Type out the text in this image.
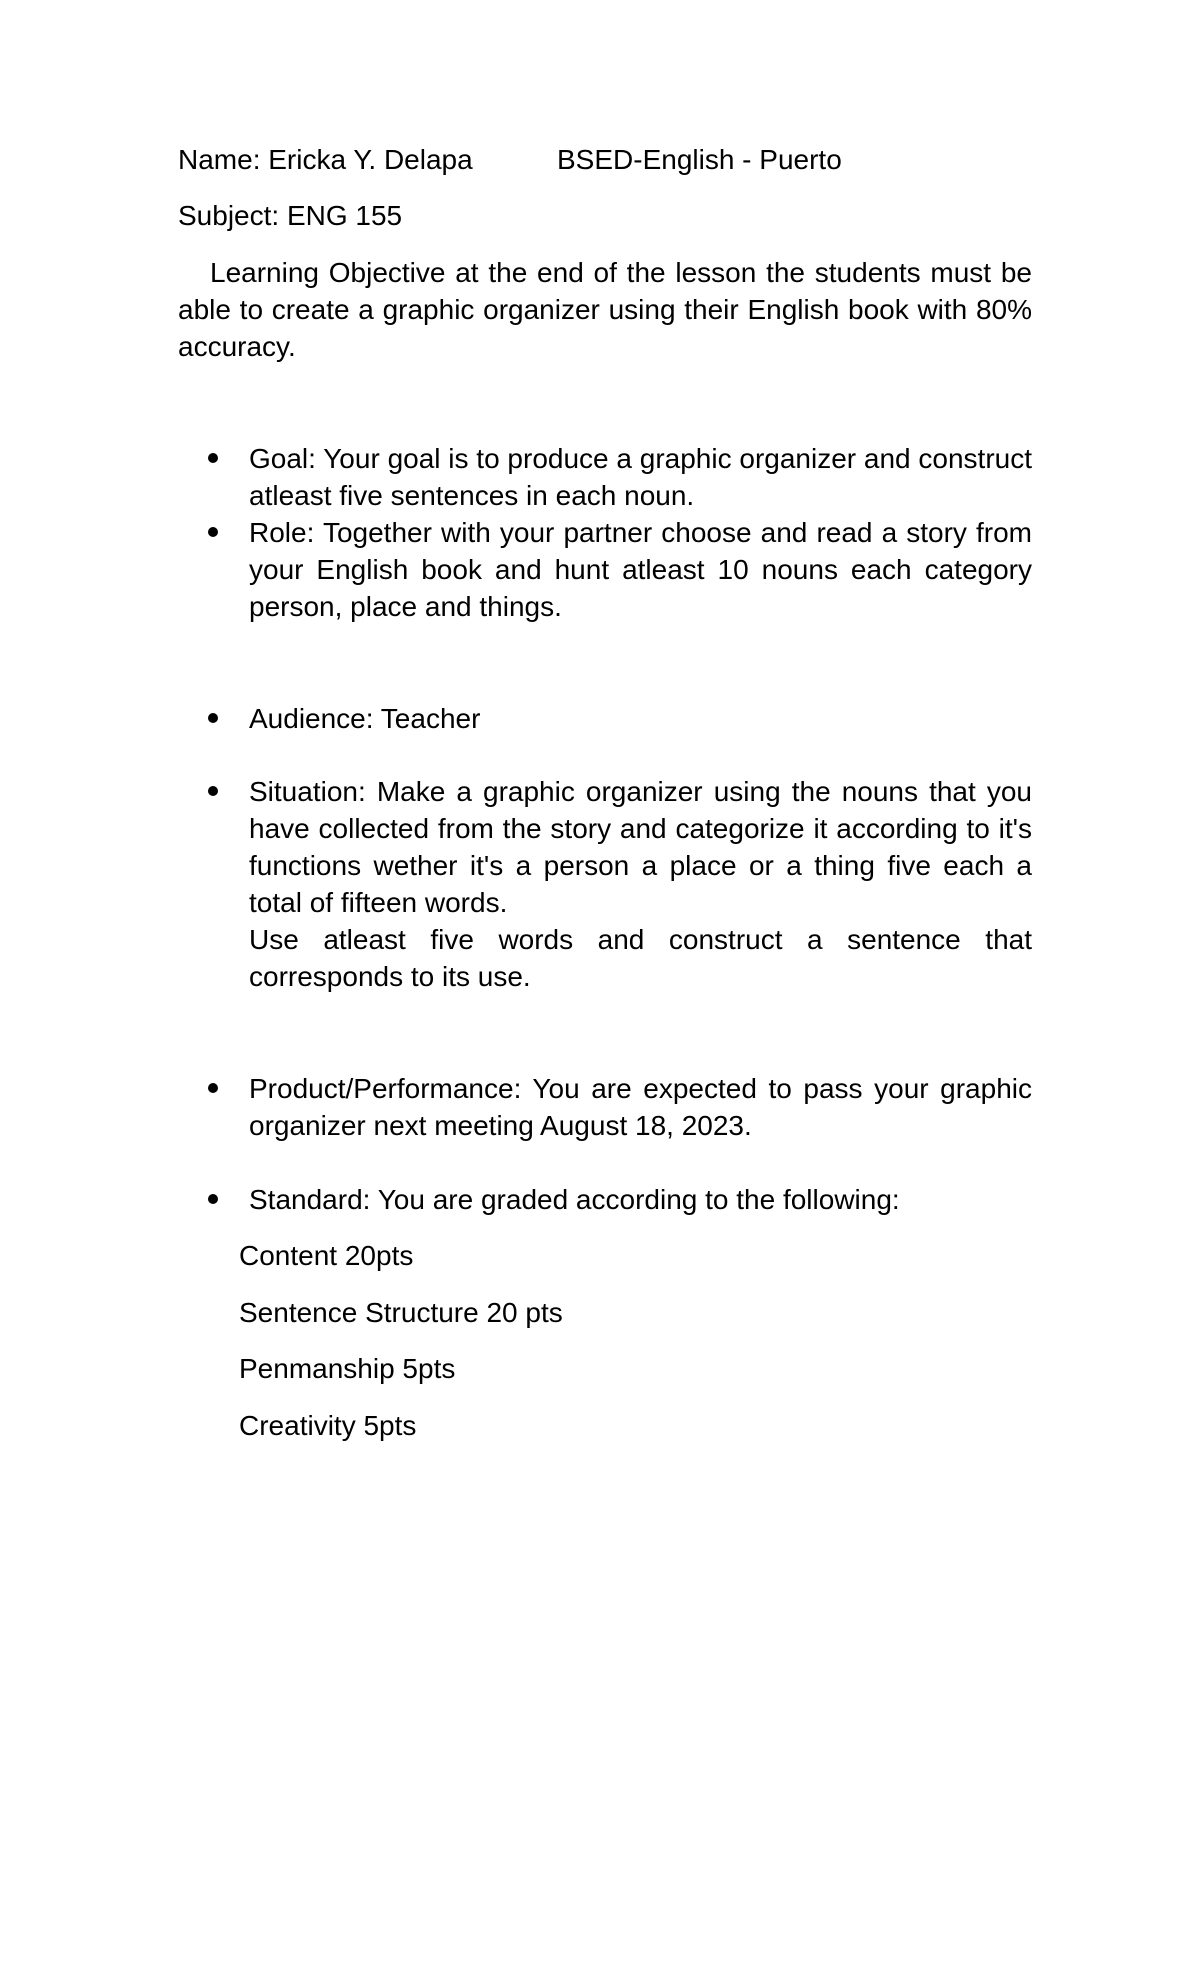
Name: Ericka Y. Delapa	BSED-English - Puerto
Subject: ENG 155
Learning Objective at the end of the lesson the students must be able to create a graphic organizer using their English book with 80% accuracy.
Goal: Your goal is to produce a graphic organizer and construct atleast five sentences in each noun.
Role: Together with your partner choose and read a story from your English book and hunt atleast 10 nouns each category person, place and things.
Audience: Teacher
Situation: Make a graphic organizer using the nouns that you have collected from the story and categorize it according to it's functions wether it's a person a place or a thing five each a total of fifteen words.
Use atleast five words and construct a sentence that corresponds to its use.
Product/Performance: You are expected to pass your graphic organizer next meeting August 18, 2023.
Standard: You are graded according to the following:
Content 20pts
Sentence Structure 20 pts
Penmanship 5pts
Creativity 5pts
